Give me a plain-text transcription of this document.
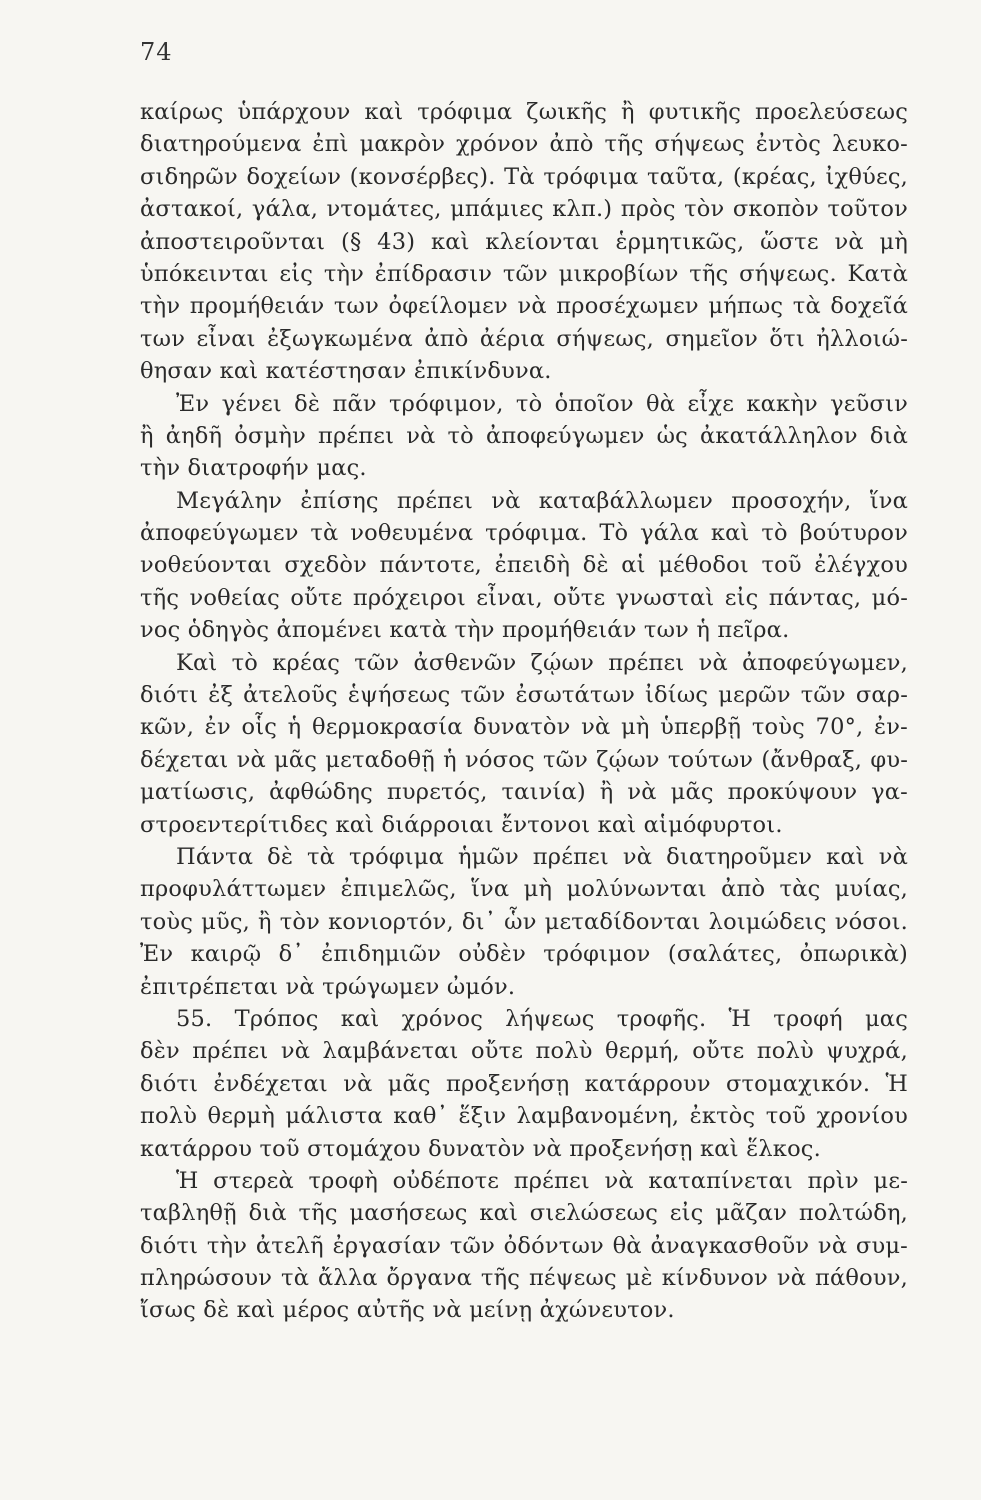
74
καίρως ὑπάρχουν καὶ τρόφιμα ζωικῆς ἢ φυτικῆς προελεύσεως
διατηρούμενα ἐπὶ μακρὸν χρόνον ἀπὸ τῆς σήψεως ἐντὸς λευκο-
σιδηρῶν δοχείων (κονσέρβες). Τὰ τρόφιμα ταῦτα, (κρέας, ἰχθύες,
ἀστακοί, γάλα, ντομάτες, μπάμιες κλπ.) πρὸς τὸν σκοπὸν τοῦτον
ἀποστειροῦνται (§ 43) καὶ κλείονται ἑρμητικῶς, ὥστε νὰ μὴ
ὑπόκεινται εἰς τὴν ἐπίδρασιν τῶν μικροβίων τῆς σήψεως. Κατὰ
τὴν προμήθειάν των ὀφείλομεν νὰ προσέχωμεν μήπως τὰ δοχεῖά
των εἶναι ἐξωγκωμένα ἀπὸ ἀέρια σήψεως, σημεῖον ὅτι ἠλλοιώ-
θησαν καὶ κατέστησαν ἐπικίνδυνα.
Ἐν γένει δὲ πᾶν τρόφιμον, τὸ ὁποῖον θὰ εἶχε κακὴν γεῦσιν
ἢ ἀηδῆ ὀσμὴν πρέπει νὰ τὸ ἀποφεύγωμεν ὡς ἀκατάλληλον διὰ
τὴν διατροφήν μας.
Μεγάλην ἐπίσης πρέπει νὰ καταβάλλωμεν προσοχήν, ἵνα
ἀποφεύγωμεν τὰ νοθευμένα τρόφιμα. Τὸ γάλα καὶ τὸ βούτυρον
νοθεύονται σχεδὸν πάντοτε, ἐπειδὴ δὲ αἱ μέθοδοι τοῦ ἐλέγχου
τῆς νοθείας οὔτε πρόχειροι εἶναι, οὔτε γνωσταὶ εἰς πάντας, μό-
νος ὁδηγὸς ἀπομένει κατὰ τὴν προμήθειάν των ἡ πεῖρα.
Καὶ τὸ κρέας τῶν ἀσθενῶν ζῴων πρέπει νὰ ἀποφεύγωμεν,
διότι ἐξ ἀτελοῦς ἑψήσεως τῶν ἐσωτάτων ἰδίως μερῶν τῶν σαρ-
κῶν, ἐν οἷς ἡ θερμοκρασία δυνατὸν νὰ μὴ ὑπερβῇ τοὺς 70°, ἐν-
δέχεται νὰ μᾶς μεταδοθῇ ἡ νόσος τῶν ζῴων τούτων (ἄνθραξ, φυ-
ματίωσις, ἀφθώδης πυρετός, ταινία) ἢ νὰ μᾶς προκύψουν γα-
στροεντερίτιδες καὶ διάρροιαι ἔντονοι καὶ αἱμόφυρτοι.
Πάντα δὲ τὰ τρόφιμα ἡμῶν πρέπει νὰ διατηροῦμεν καὶ νὰ
προφυλάττωμεν ἐπιμελῶς, ἵνα μὴ μολύνωνται ἀπὸ τὰς μυίας,
τοὺς μῦς, ἢ τὸν κονιορτόν, δι᾽ ὧν μεταδίδονται λοιμώδεις νόσοι.
Ἐν καιρῷ δ᾽ ἐπιδημιῶν οὐδὲν τρόφιμον (σαλάτες, ὀπωρικὰ)
ἐπιτρέπεται νὰ τρώγωμεν ὠμόν.
55. Τρόπος καὶ χρόνος λήψεως τροφῆς. Ἡ τροφή μας
δὲν πρέπει νὰ λαμβάνεται οὔτε πολὺ θερμή, οὔτε πολὺ ψυχρά,
διότι ἐνδέχεται νὰ μᾶς προξενήσῃ κατάρρουν στομαχικόν. Ἡ
πολὺ θερμὴ μάλιστα καθ᾽ ἕξιν λαμβανομένη, ἐκτὸς τοῦ χρονίου
κατάρρου τοῦ στομάχου δυνατὸν νὰ προξενήσῃ καὶ ἕλκος.
Ἡ στερεὰ τροφὴ οὐδέποτε πρέπει νὰ καταπίνεται πρὶν με-
ταβληθῇ διὰ τῆς μασήσεως καὶ σιελώσεως εἰς μᾶζαν πολτώδη,
διότι τὴν ἀτελῆ ἐργασίαν τῶν ὀδόντων θὰ ἀναγκασθοῦν νὰ συμ-
πληρώσουν τὰ ἄλλα ὄργανα τῆς πέψεως μὲ κίνδυνον νὰ πάθουν,
ἴσως δὲ καὶ μέρος αὐτῆς νὰ μείνῃ ἀχώνευτον.
